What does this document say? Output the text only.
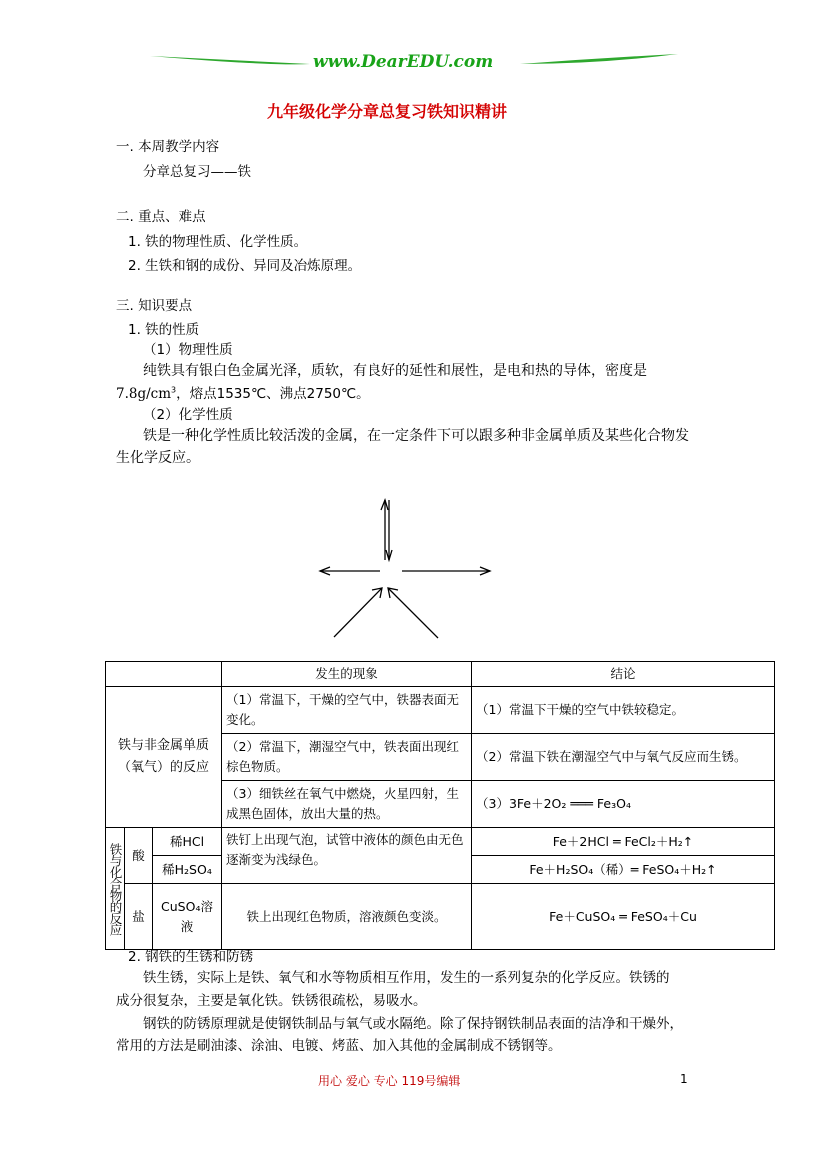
www.DearEDU.com
九年级化学分章总复习铁知识精讲
一. 本周教学内容
分章总复习——铁
二. 重点、难点
1. 铁的物理性质、化学性质。
2. 生铁和钢的成份、异同及冶炼原理。
三. 知识要点
1. 铁的性质
（1）物理性质
纯铁具有银白色金属光泽，质软，有良好的延性和展性，是电和热的导体，密度是
$7.8g/cm^3$，熔点1535℃、沸点2750℃。
（2）化学性质
铁是一种化学性质比较活泼的金属，在一定条件下可以跟多种非金属单质及某些化合物发
生化学反应。
			发生的现象	结论
铁与非金属单质（氧气）的反应			（1）常温下，干燥的空气中，铁器表面无变化。	（1）常温下干燥的空气中铁较稳定。
			（2）常温下，潮湿空气中，铁表面出现红棕色物质。	（2）常温下铁在潮湿空气中与氧气反应而生锈。
			（3）细铁丝在氧气中燃烧，火星四射，生成黑色固体，放出大量的热。	（3）3Fe＋2O₂ ═══ Fe₃O₄
铁与化合物的反应	酸	稀HCl	铁钉上出现气泡，试管中液体的颜色由无色逐渐变为浅绿色。	Fe＋2HCl ═ FeCl₂＋H₂↑
		稀H₂SO₄		Fe＋H₂SO₄（稀）═ FeSO₄＋H₂↑
	盐	CuSO₄溶液	铁上出现红色物质，溶液颜色变淡。	Fe＋CuSO₄ ═ FeSO₄＋Cu
2. 钢铁的生锈和防锈
铁生锈，实际上是铁、氧气和水等物质相互作用，发生的一系列复杂的化学反应。铁锈的
成分很复杂，主要是氧化铁。铁锈很疏松，易吸水。
钢铁的防锈原理就是使钢铁制品与氧气或水隔绝。除了保持钢铁制品表面的洁净和干燥外，
常用的方法是刷油漆、涂油、电镀、烤蓝、加入其他的金属制成不锈钢等。
用心 爱心 专心 119号编辑	1
